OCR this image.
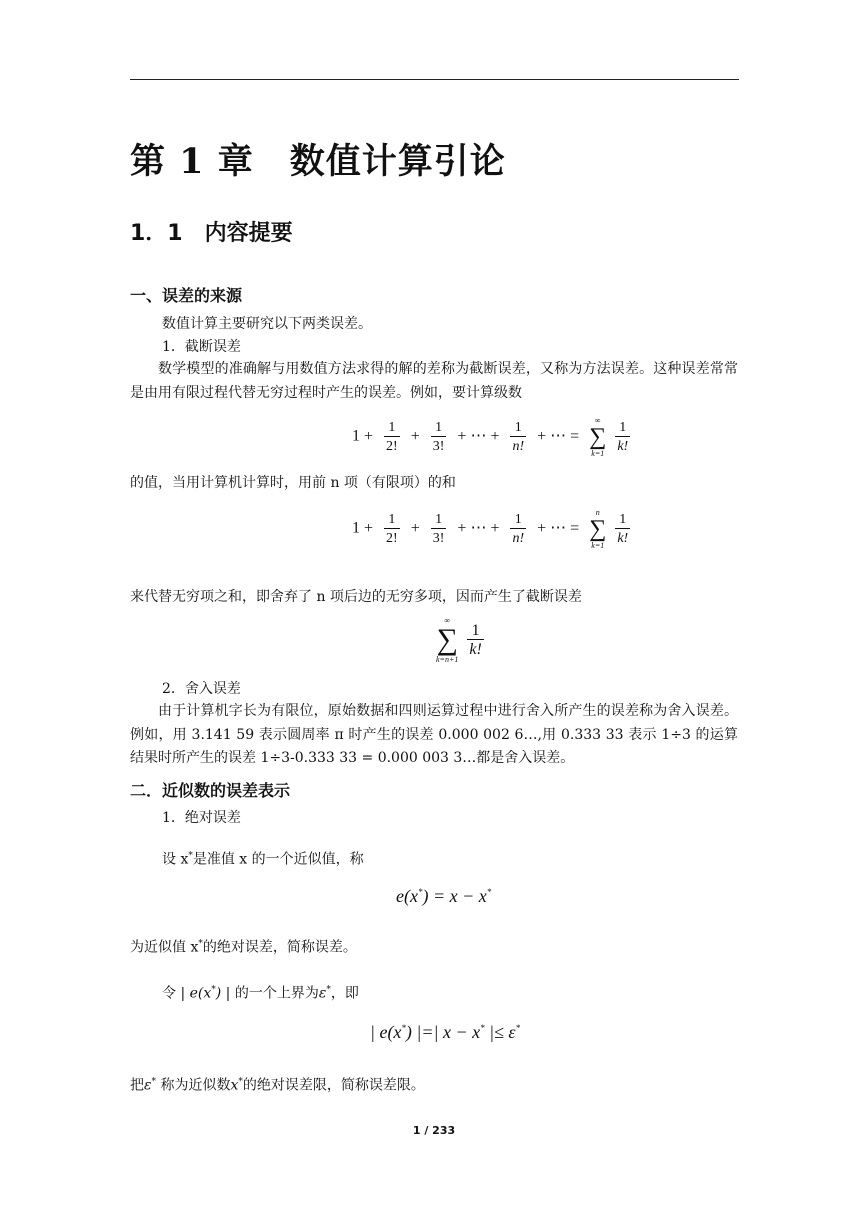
第 1 章　数值计算引论
1．1　内容提要
一、误差的来源
数值计算主要研究以下两类误差。
1．截断误差
数学模型的准确解与用数值方法求得的解的差称为截断误差，又称为方法误差。这种误差常常是由用有限过程代替无穷过程时产生的误差。例如，要计算级数
$1 + \frac{1}{2!} + \frac{1}{3!}$ + ⋯ + $\frac{1}{n!}$ + ⋯ =
∞
∑
k=1
$\frac{1}{k!}$
的值，当用计算机计算时，用前 n 项（有限项）的和
$1 + \frac{1}{2!} + \frac{1}{3!}$ + ⋯ + $\frac{1}{n!}$ + ⋯ =
n
∑
k=1
$\frac{1}{k!}$
来代替无穷项之和，即舍弃了 n 项后边的无穷多项，因而产生了截断误差
∞
∑
k=n+1

$\frac{1}{k!}$
2．舍入误差
由于计算机字长为有限位，原始数据和四则运算过程中进行舍入所产生的误差称为舍入误差。例如，用 3.141 59 表示圆周率 π 时产生的误差 0.000 002 6…,用 0.333 33 表示 1÷3 的运算结果时所产生的误差 1÷3-0.333 33 = 0.000 003 3…都是舍入误差。
二．近似数的误差表示
1．绝对误差
设 x*是准值 x 的一个近似值，称
e(x*) = x − x*
为近似值 x*的绝对误差，简称误差。
令 | e(x*) | 的一个上界为ε*，即
| e(x*) |=| x − x* |≤ ε*
把ε* 称为近似数x*的绝对误差限，简称误差限。
1 / 233
